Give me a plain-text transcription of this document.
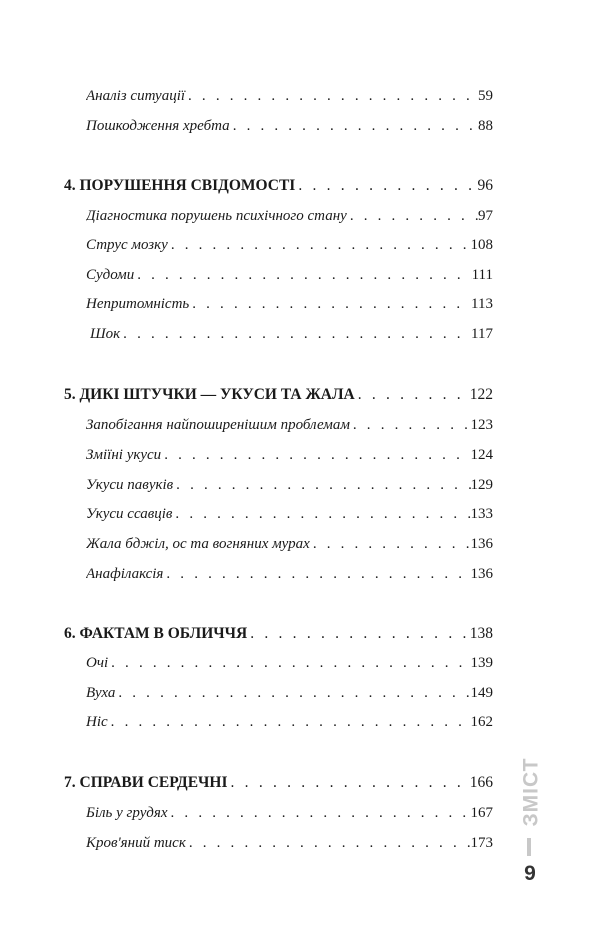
Аналіз ситуації . . .	59
Пошкодження хребта . . .	88
4. ПОРУШЕННЯ СВІДОМОСТІ . . .	96
Діагностика порушень психічного стану . . .	97
Струс мозку . . .	108
Судоми . . .	111
Непритомність . . .	113
Шок . . .	117
5. ДИКІ ШТУЧКИ — УКУСИ ТА ЖАЛА . . .	122
Запобігання найпоширенішим проблемам . . .	123
Зміїні укуси . . .	124
Укуси павуків . . .	129
Укуси ссавців . . .	133
Жала бджіл, ос та вогняних мурах . . .	136
Анафілаксія . . .	136
6. ФАКТАМ В ОБЛИЧЧЯ . . .	138
Очі . . .	139
Вуха . . .	149
Ніс . . .	162
7. СПРАВИ СЕРДЕЧНІ . . .	166
Біль у грудях . . .	167
Кров'яний тиск . . .	173
ЗМІСТ
9
